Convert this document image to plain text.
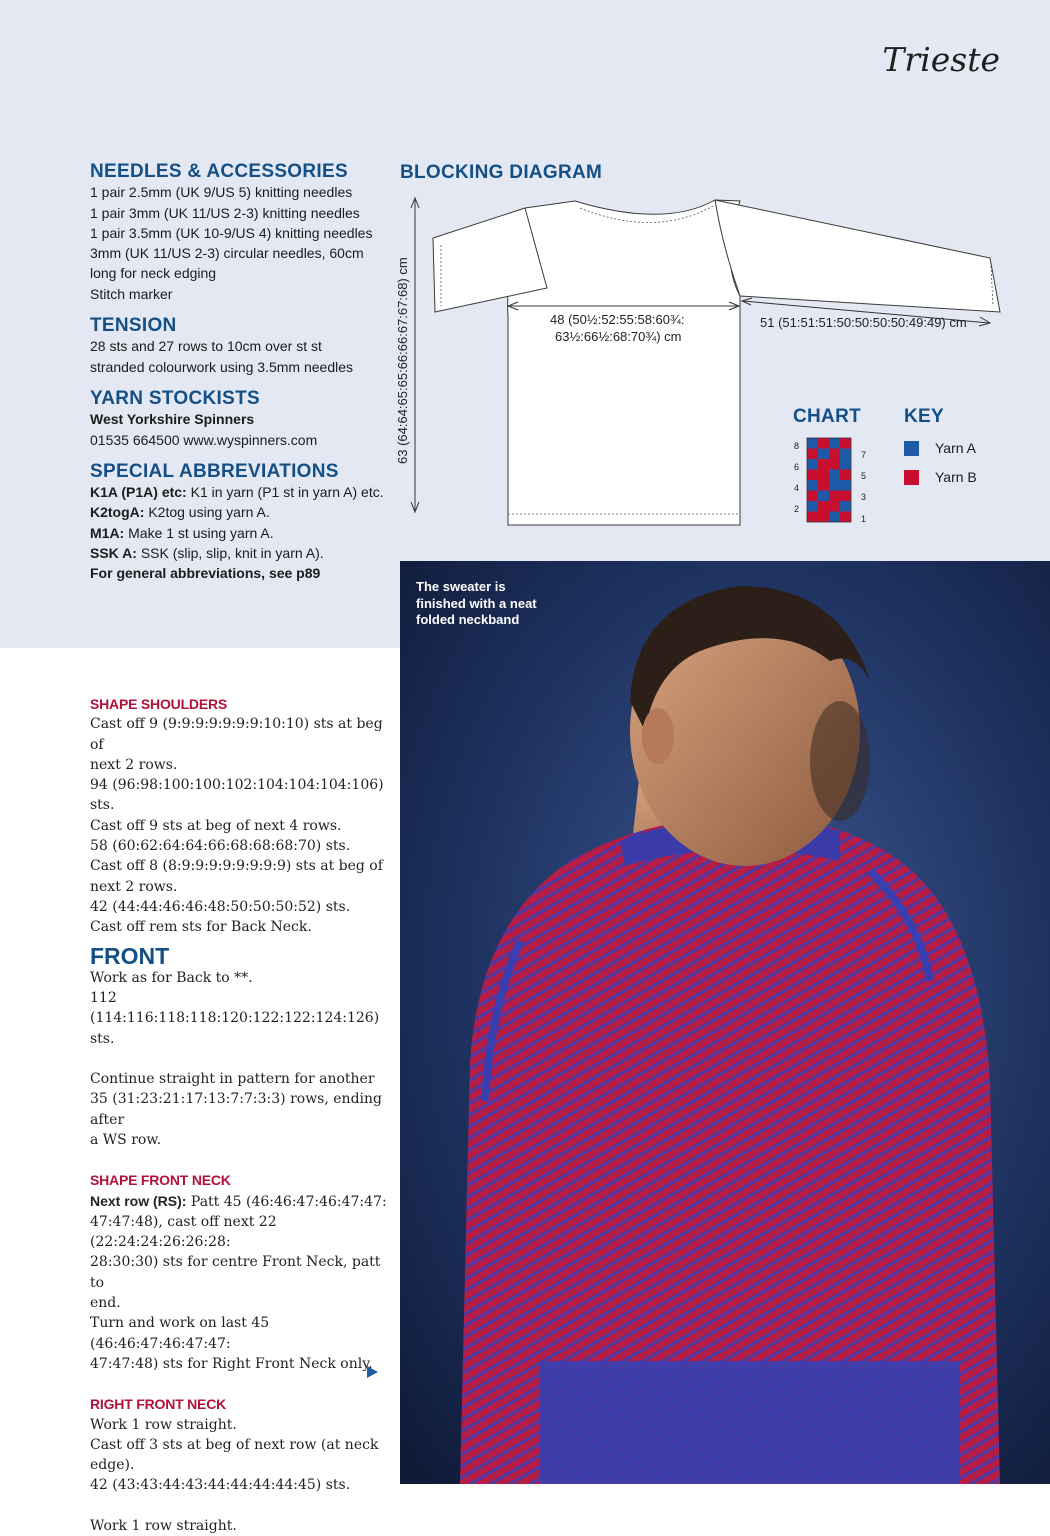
Trieste
NEEDLES & ACCESSORIES

1 pair 2.5mm (UK 9/US 5) knitting needles

1 pair 3mm (UK 11/US 2-3) knitting needles

1 pair 3.5mm (UK 10-9/US 4) knitting needles

3mm (UK 11/US 2-3) circular needles, 60cm

long for neck edging

Stitch marker

TENSION

28 sts and 27 rows to 10cm over st st

stranded colourwork using 3.5mm needles

YARN STOCKISTS

West Yorkshire Spinners

01535 664500 www.wyspinners.com

SPECIAL ABBREVIATIONS

K1A (P1A) etc: K1 in yarn (P1 st in yarn A) etc.

K2togA: K2tog using yarn A.

M1A: Make 1 st using yarn A.

SSK A: SSK (slip, slip, knit in yarn A).

For general abbreviations, see p89

BLOCKING DIAGRAM
63 (64:64:65:65:66:66:67:67:68) cm	48 (50½:52:55:58:60¾:
63½:66½:68:70¾) cm
51 (51:51:51:50:50:50:50:49:49) cm
CHART
8
6
4
2
7
5
3
1
KEY
Yarn A
Yarn B
The sweater is
finished with a neat
folded neckband
SHAPE SHOULDERS

Cast off 9 (9:9:9:9:9:9:9:10:10) sts at beg of

next 2 rows.

94 (96:98:100:100:102:104:104:104:106) sts.

Cast off 9 sts at beg of next 4 rows.

58 (60:62:64:64:66:68:68:68:70) sts.

Cast off 8 (8:9:9:9:9:9:9:9:9) sts at beg of

next 2 rows.

42 (44:44:46:46:48:50:50:50:52) sts.

Cast off rem sts for Back Neck.

FRONT

Work as for Back to **.

112 (114:116:118:118:120:122:122:124:126) sts.

Continue straight in pattern for another

35 (31:23:21:17:13:7:7:3:3) rows, ending after

a WS row.

SHAPE FRONT NECK

Next row (RS): Patt 45 (46:46:47:46:47:47:

47:47:48), cast off next 22 (22:24:24:26:26:28:

28:30:30) sts for centre Front Neck, patt to

end.

Turn and work on last 45 (46:46:47:46:47:47:

47:47:48) sts for Right Front Neck only.

RIGHT FRONT NECK

Work 1 row straight.

Cast off 3 sts at beg of next row (at neck

edge).

42 (43:43:44:43:44:44:44:44:45) sts.

Work 1 row straight.
